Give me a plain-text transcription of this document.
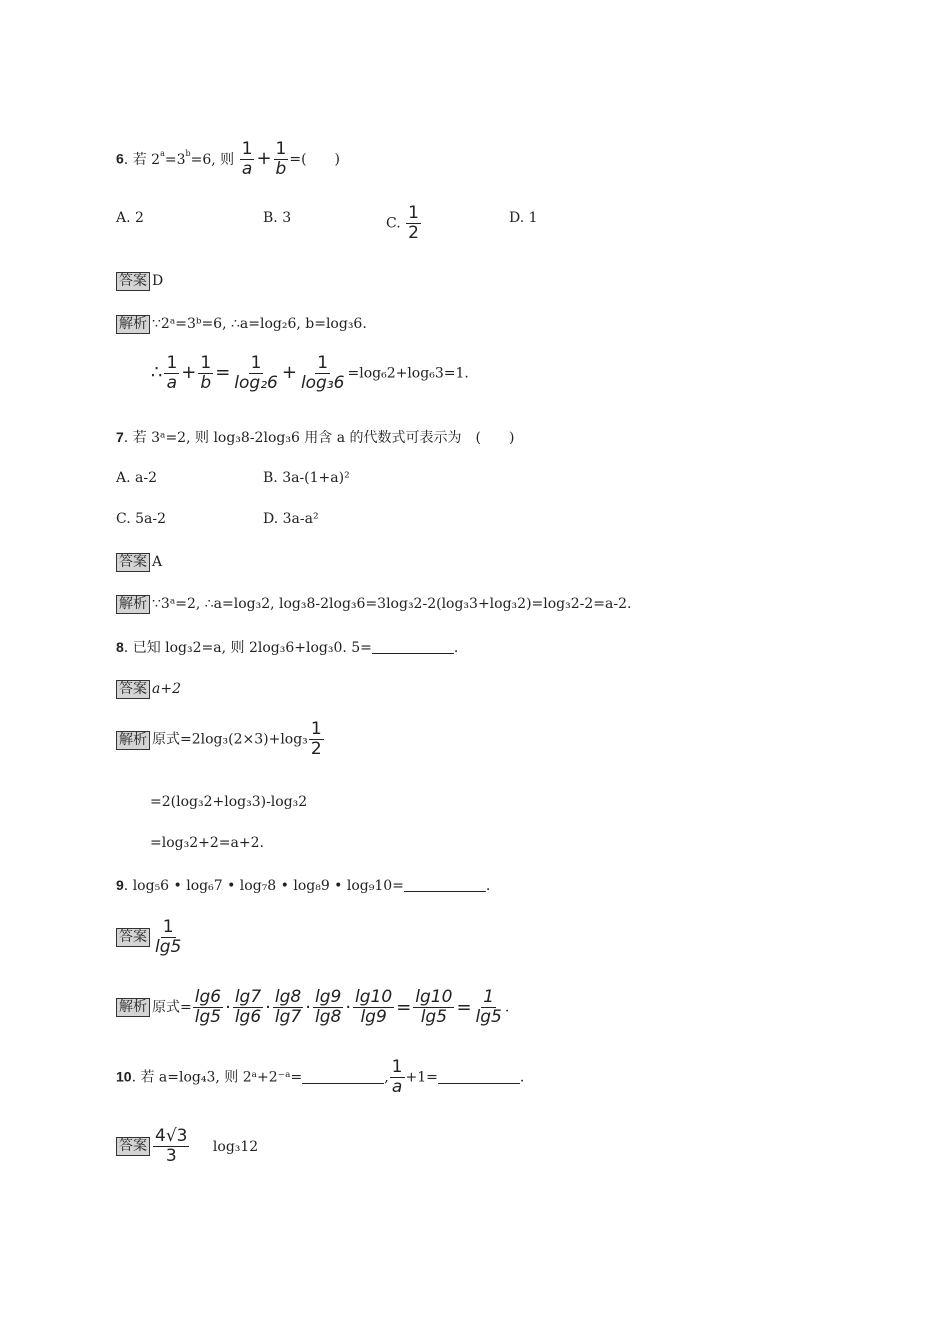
6. 若 $2^a=3^b=6$, 则 $\frac{1}{a} + \frac{1}{b}$ =(　　)
A. 2	B. 3	C. $\frac{1}{2}$	D. 1
答案 D
解析 ∵2ᵃ=3ᵇ=6, ∴a=log₂6, b=log₃6.
∴ $\frac{1}{a} + \frac{1}{b} = \frac{1}{\text{log₂6}} + \frac{1}{\text{log₃6}} =\log_62+\log_63=1$.
7. 若 3ᵃ=2, 则 log₃8-2log₃6 用含 a 的代数式可表示为　(　　)
A. a-2	B. 3a-(1+a)²
C. 5a-2	D. 3a-a²
答案 A
解析 ∵3ᵃ=2, ∴a=log₃2, log₃8-2log₃6=3log₃2-2(log₃3+log₃2)=log₃2-2=a-2.
8. 已知 log₃2=a, 则 2log₃6+log₃0. 5=	.
答案 a+2
解析 原式$=2\log_3(2\times 3)+\log_3 \frac{1}{2}$
=2(log₃2+log₃3)-log₃2
=log₃2+2=a+2.
9. log₅6 • log₆7 • log₇8 • log₈9 • log₉10=	.
答案 $\frac{1}{\lg 5}$
解析 原式= $\frac{\lg 6}{\lg 5} \cdot \frac{\lg 7}{\lg 6} \cdot \frac{\lg 8}{\lg 7} \cdot \frac{\lg 9}{\lg 8} \cdot \frac{\lg 10}{\lg 9} = \frac{\lg 10}{\lg 5} = \frac{1}{\lg 5}$ .
10. 若 a=log₄3, 则 2ᵃ+2⁻ᵃ=	, $\frac{1}{a} +1=$	.
答案 $\frac{4√3}{3} \log_312$
